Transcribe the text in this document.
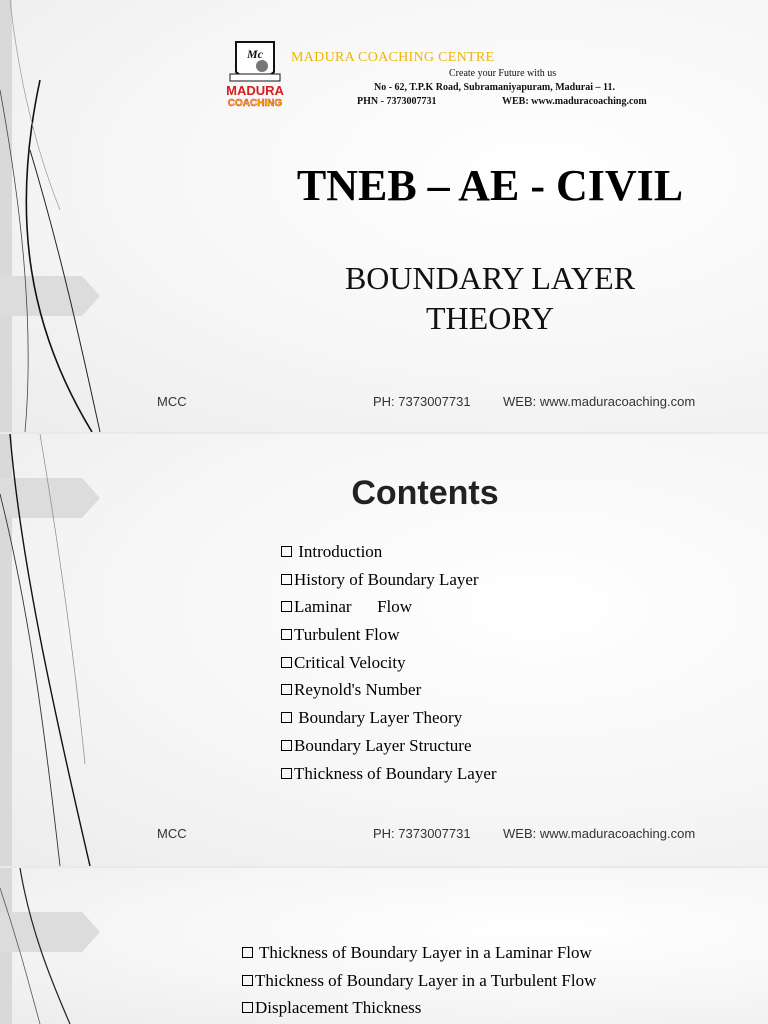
Mc
MADURA
COACHING
MADURA COACHING CENTRE
Create your Future with us
No - 62, T.P.K Road, Subramaniyapuram, Madurai – 11.
PHN - 7373007731	WEB: www.maduracoaching.com
TNEB – AE - CIVIL
BOUNDARY LAYER
THEORY
MCC	PH: 7373007731 WEB: www.maduracoaching.com
Contents
Introduction
History of Boundary Layer
Laminar      Flow
Turbulent Flow
Critical Velocity
Reynold's Number
Boundary Layer Theory
Boundary Layer Structure
Thickness of Boundary Layer
MCC	PH: 7373007731 WEB: www.maduracoaching.com
Thickness of Boundary Layer in a Laminar Flow
Thickness of Boundary Layer in a Turbulent Flow
Displacement Thickness
